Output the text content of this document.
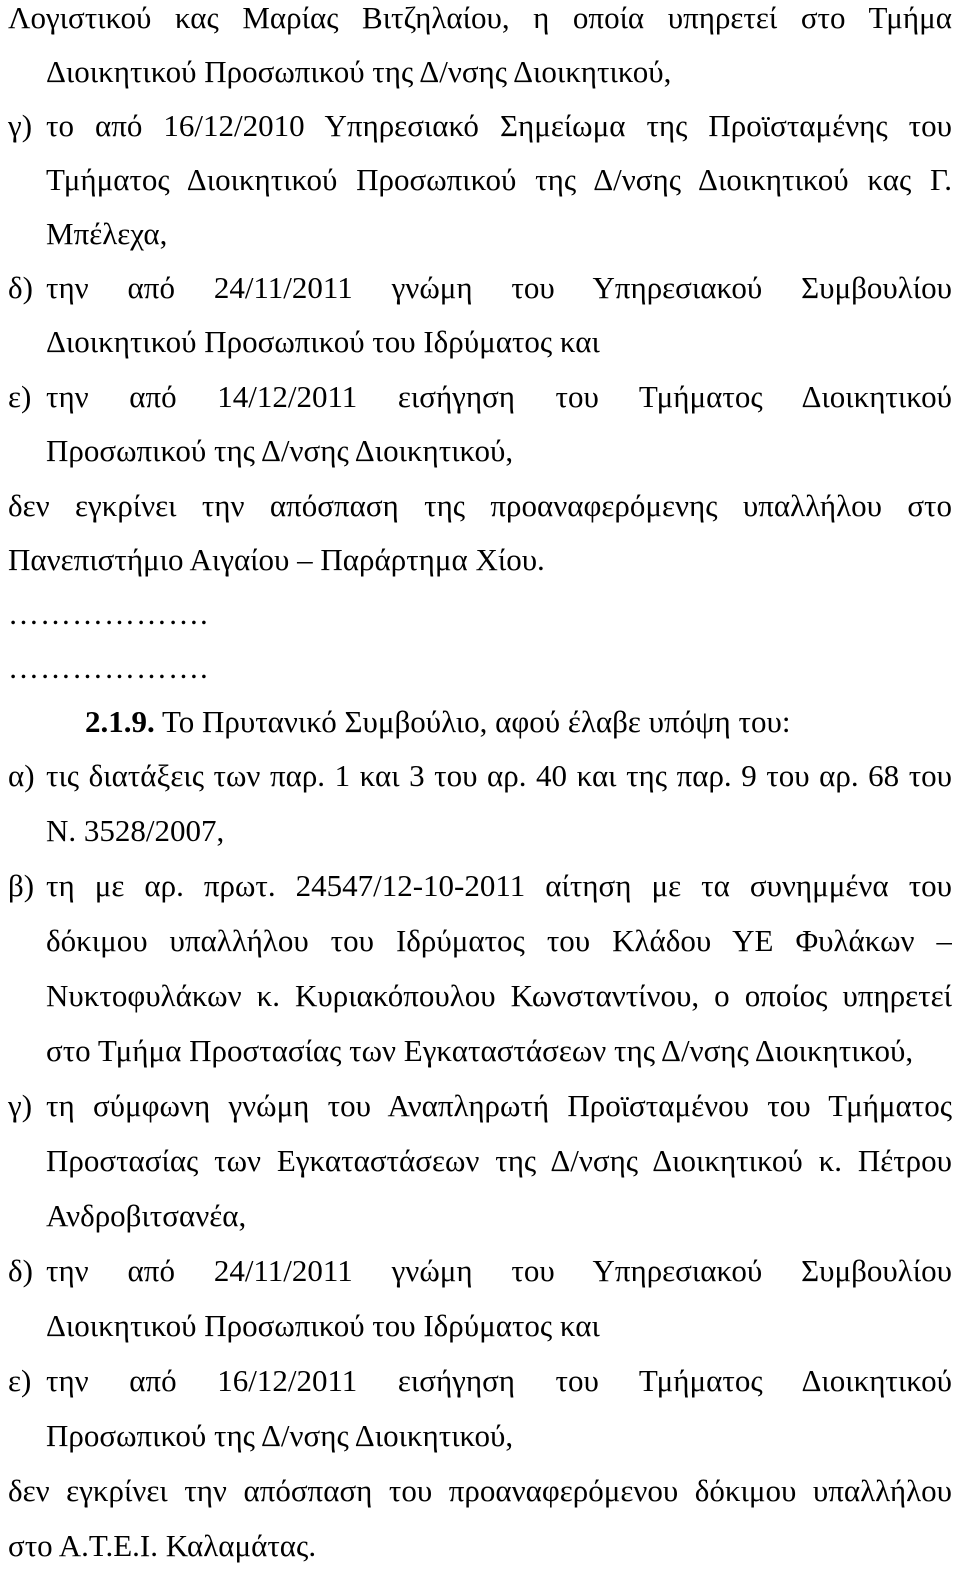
Λογιστικού κας Μαρίας Βιτζηλαίου, η οποία υπηρετεί στο Τμήμα
Διοικητικού Προσωπικού της Δ/νσης Διοικητικού,
γ) το από 16/12/2010 Υπηρεσιακό Σημείωμα της Προϊσταμένης του
Τμήματος Διοικητικού Προσωπικού της Δ/νσης Διοικητικού κας Γ.
Μπέλεχα,
δ) την από 24/11/2011 γνώμη του Υπηρεσιακού Συμβουλίου
Διοικητικού Προσωπικού του Ιδρύματος και
ε) την από 14/12/2011 εισήγηση του Τμήματος Διοικητικού
Προσωπικού της Δ/νσης Διοικητικού,
δεν εγκρίνει την απόσπαση της προαναφερόμενης υπαλλήλου στο
Πανεπιστήμιο Αιγαίου – Παράρτημα Χίου.
……………….
……………….
2.1.9. Το Πρυτανικό Συμβούλιο, αφού έλαβε υπόψη του:
α) τις διατάξεις των παρ. 1 και 3 του αρ. 40 και της παρ. 9 του αρ. 68 του
Ν. 3528/2007,
β) τη με αρ. πρωτ. 24547/12-10-2011 αίτηση με τα συνημμένα του
δόκιμου υπαλλήλου του Ιδρύματος του Κλάδου ΥΕ Φυλάκων –
Νυκτοφυλάκων κ. Κυριακόπουλου Κωνσταντίνου, ο οποίος υπηρετεί
στο Τμήμα Προστασίας των Εγκαταστάσεων της Δ/νσης Διοικητικού,
γ) τη σύμφωνη γνώμη του Αναπληρωτή Προϊσταμένου του Τμήματος
Προστασίας των Εγκαταστάσεων της Δ/νσης Διοικητικού κ. Πέτρου
Ανδροβιτσανέα,
δ) την από 24/11/2011 γνώμη του Υπηρεσιακού Συμβουλίου
Διοικητικού Προσωπικού του Ιδρύματος και
ε) την από 16/12/2011 εισήγηση του Τμήματος Διοικητικού
Προσωπικού της Δ/νσης Διοικητικού,
δεν εγκρίνει την απόσπαση του προαναφερόμενου δόκιμου υπαλλήλου
στο Α.Τ.Ε.Ι. Καλαμάτας.
